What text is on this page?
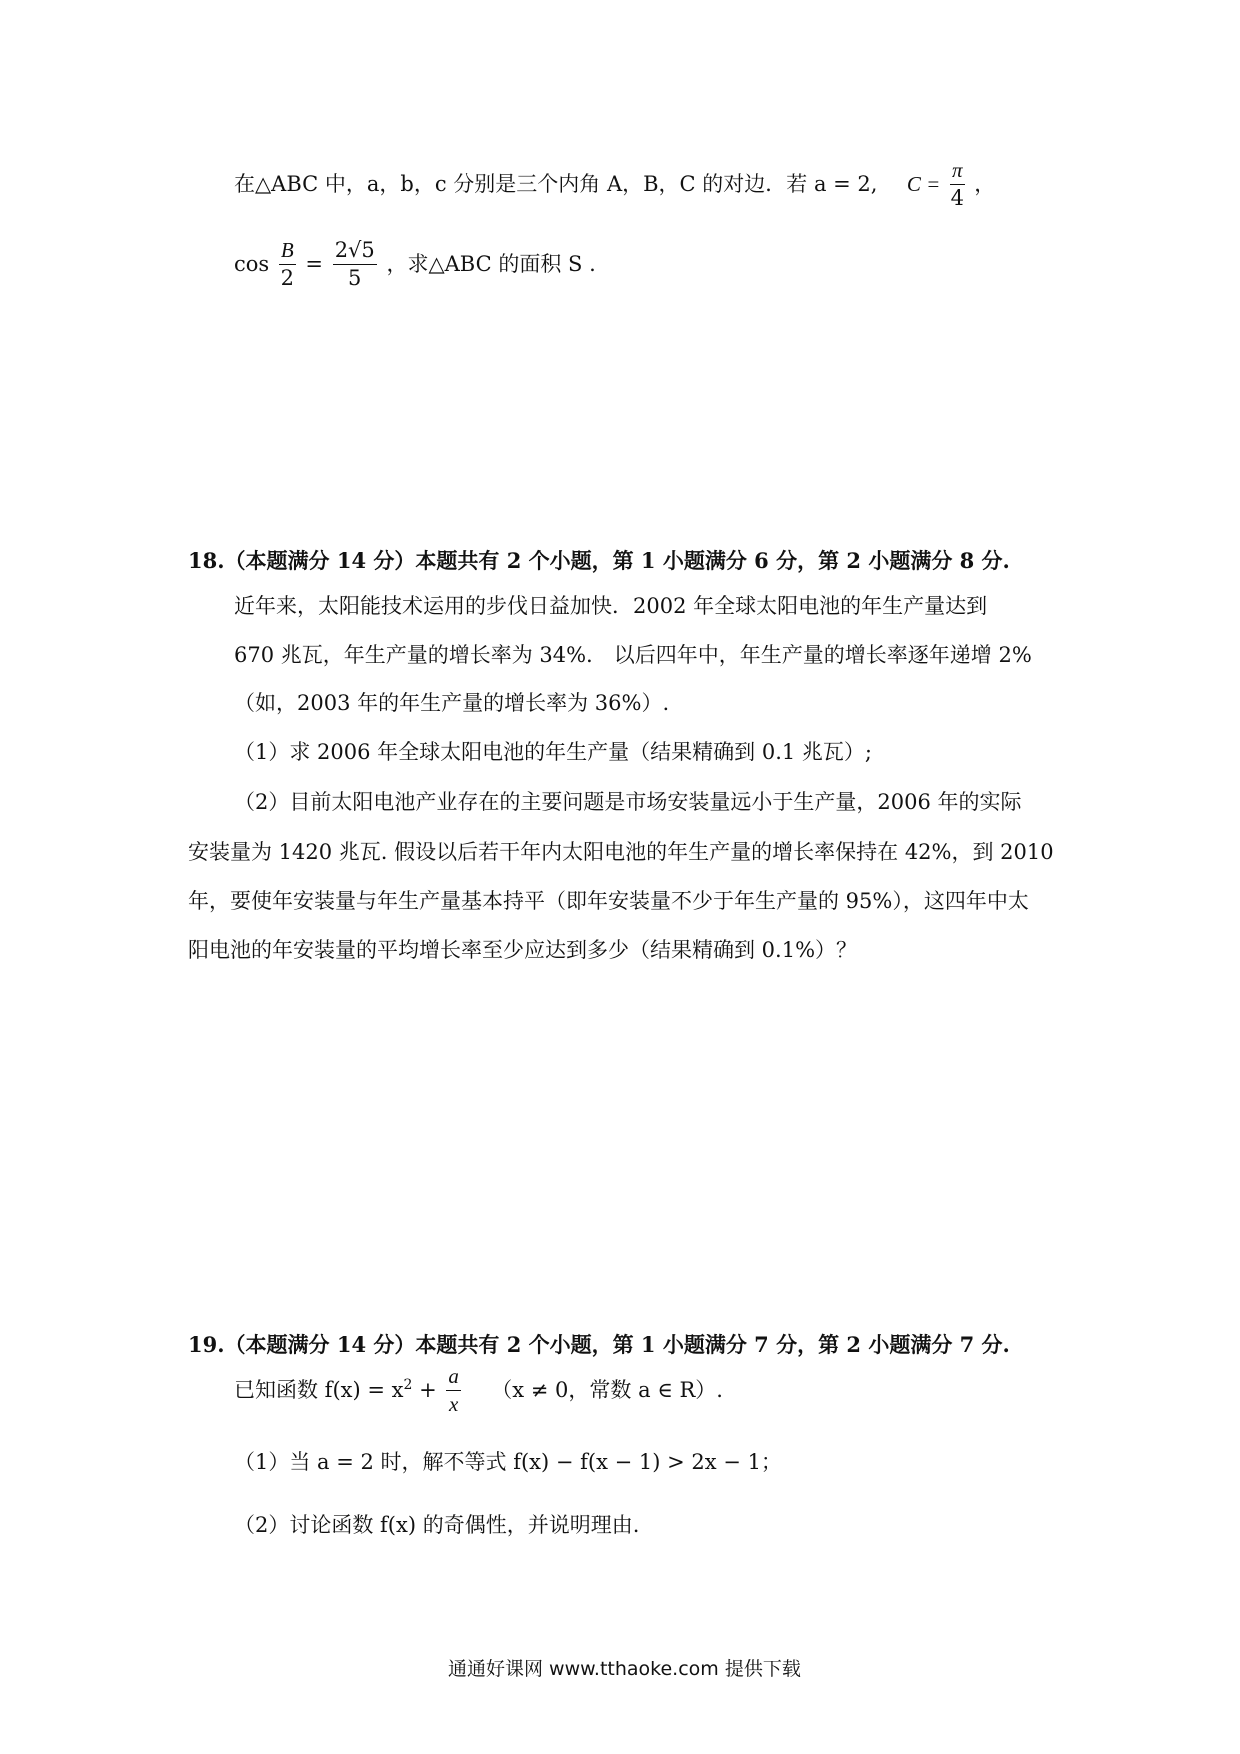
在△ABC 中，a，b，c 分别是三个内角 A，B，C 的对边．若 a = 2, $C = \frac{\pi}{4}$ ，
$\cos \frac{B}{2} = \frac{2√5}{5}$ ，求△ABC 的面积 S .
18.（本题满分 14 分）本题共有 2 个小题，第 1 小题满分 6 分，第 2 小题满分 8 分.
近年来，太阳能技术运用的步伐日益加快．2002 年全球太阳电池的年生产量达到
670 兆瓦，年生产量的增长率为 34%． 以后四年中，年生产量的增长率逐年递增 2%
（如，2003 年的年生产量的增长率为 36%）.
（1）求 2006 年全球太阳电池的年生产量（结果精确到 0.1 兆瓦）;
（2）目前太阳电池产业存在的主要问题是市场安装量远小于生产量，2006 年的实际
安装量为 1420 兆瓦. 假设以后若干年内太阳电池的年生产量的增长率保持在 42%，到 2010
年，要使年安装量与年生产量基本持平（即年安装量不少于年生产量的 95%），这四年中太
阳电池的年安装量的平均增长率至少应达到多少（结果精确到 0.1%）？
19.（本题满分 14 分）本题共有 2 个小题，第 1 小题满分 7 分，第 2 小题满分 7 分.
已知函数 $f(x) = x^2 + \frac{a}{x} (x \ne 0$，常数 a ∈ R）.
（1）当 a = 2 时，解不等式 f(x) − f(x − 1) > 2x − 1；
（2）讨论函数 f(x) 的奇偶性，并说明理由.
通通好课网 www.tthaoke.com 提供下载
